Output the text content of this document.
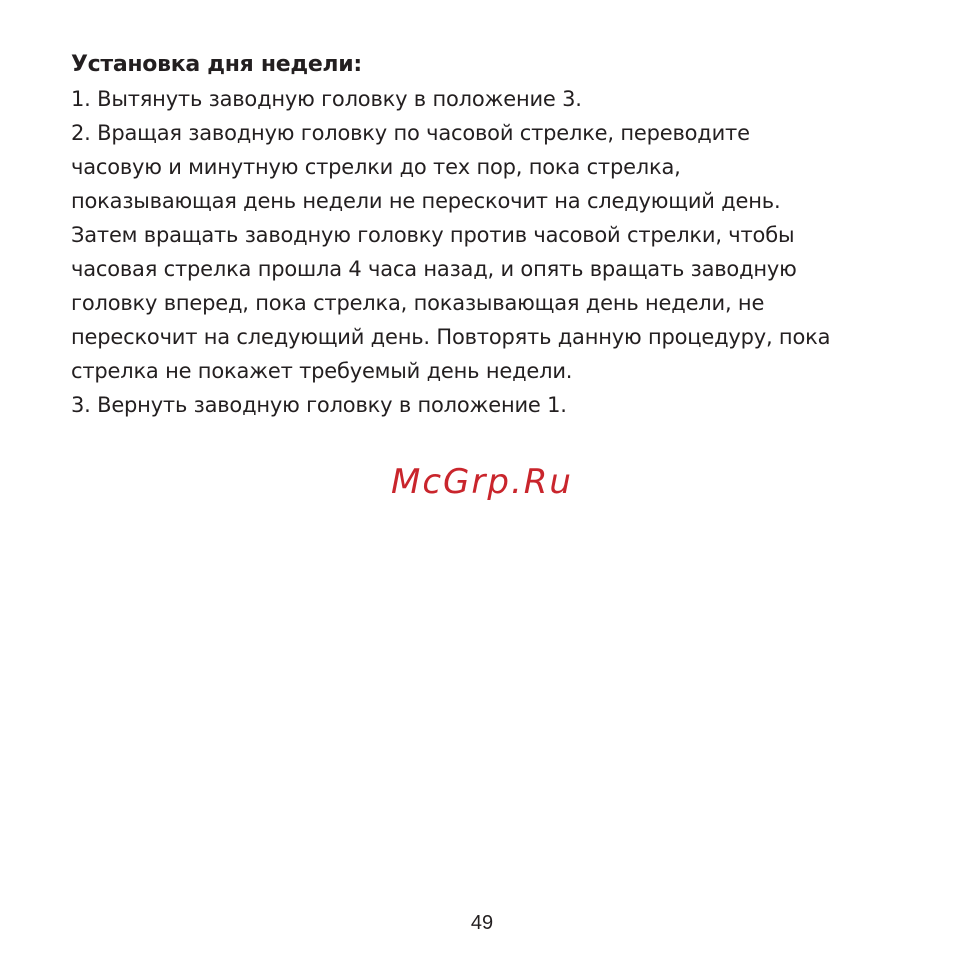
Установка дня недели:

1. Вытянуть заводную головку в положение 3.

2. Вращая заводную головку по часовой стрелке, переводите

часовую и минутную стрелки до тех пор, пока стрелка,

показывающая день недели не перескочит на следующий день.

Затем вращать заводную головку против часовой стрелки, чтобы

часовая стрелка прошла 4 часа назад, и опять вращать заводную

головку вперед, пока стрелка, показывающая день недели, не

перескочит на следующий день. Повторять данную процедуру, пока

стрелка не покажет требуемый день недели.

3. Вернуть заводную головку в положение 1.

McGrp.Ru
49
